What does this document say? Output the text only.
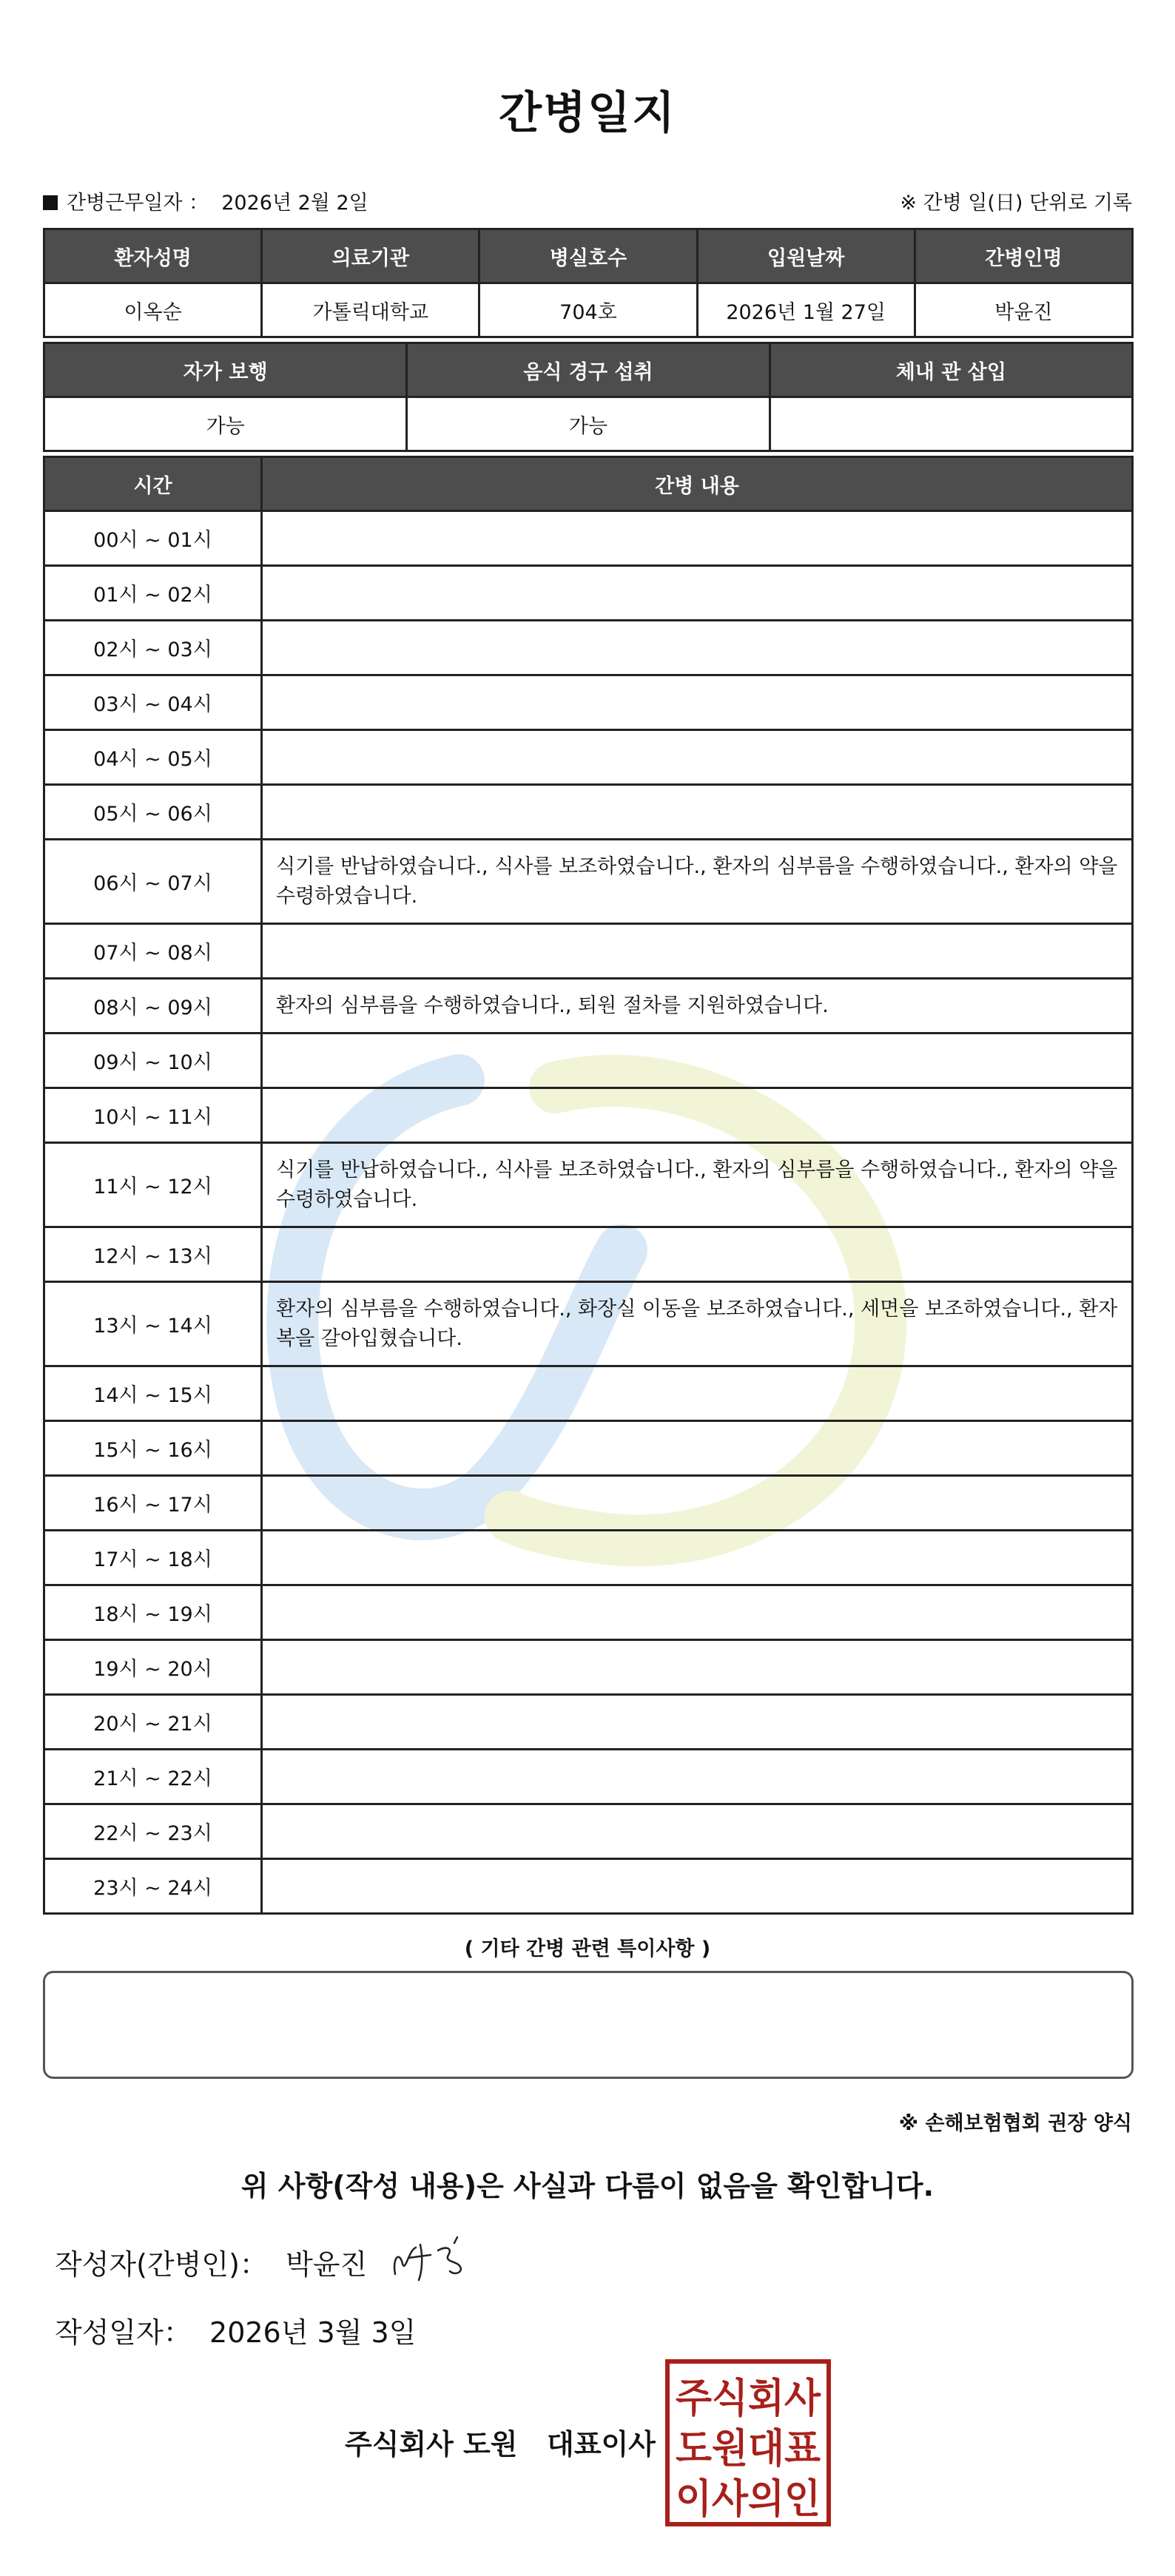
간병일지
간병근무일자 ： 2026년 2월 2일	※ 간병 일(日) 단위로 기록
환자성명	의료기관	병실호수	입원날짜	간병인명
이옥순	가톨릭대학교	704호	2026년 1월 27일	박윤진
자가 보행	음식 경구 섭취	체내 관 삽입
가능	가능	
시간	간병 내용
00시 ~ 01시	
01시 ~ 02시	
02시 ~ 03시	
03시 ~ 04시	
04시 ~ 05시	
05시 ~ 06시	
06시 ~ 07시	식기를 반납하였습니다., 식사를 보조하였습니다., 환자의 심부름을 수행하였습니다., 환자의 약을 수령하였습니다.
07시 ~ 08시	
08시 ~ 09시	환자의 심부름을 수행하였습니다., 퇴원 절차를 지원하였습니다.
09시 ~ 10시	
10시 ~ 11시	
11시 ~ 12시	식기를 반납하였습니다., 식사를 보조하였습니다., 환자의 심부름을 수행하였습니다., 환자의 약을 수령하였습니다.
12시 ~ 13시	
13시 ~ 14시	환자의 심부름을 수행하였습니다., 화장실 이동을 보조하였습니다., 세면을 보조하였습니다., 환자복을 갈아입혔습니다.
14시 ~ 15시	
15시 ~ 16시	
16시 ~ 17시	
17시 ~ 18시	
18시 ~ 19시	
19시 ~ 20시	
20시 ~ 21시	
21시 ~ 22시	
22시 ~ 23시	
23시 ~ 24시	
( 기타 간병 관련 특이사항 )
※ 손해보험협회 권장 양식
위 사항(작성 내용)은 사실과 다름이 없음을 확인합니다.
작성자(간병인)： 박윤진
작성일자： 2026년 3월 3일
주식회사 도원   대표이사
주식회사
도원대표
이사의인
